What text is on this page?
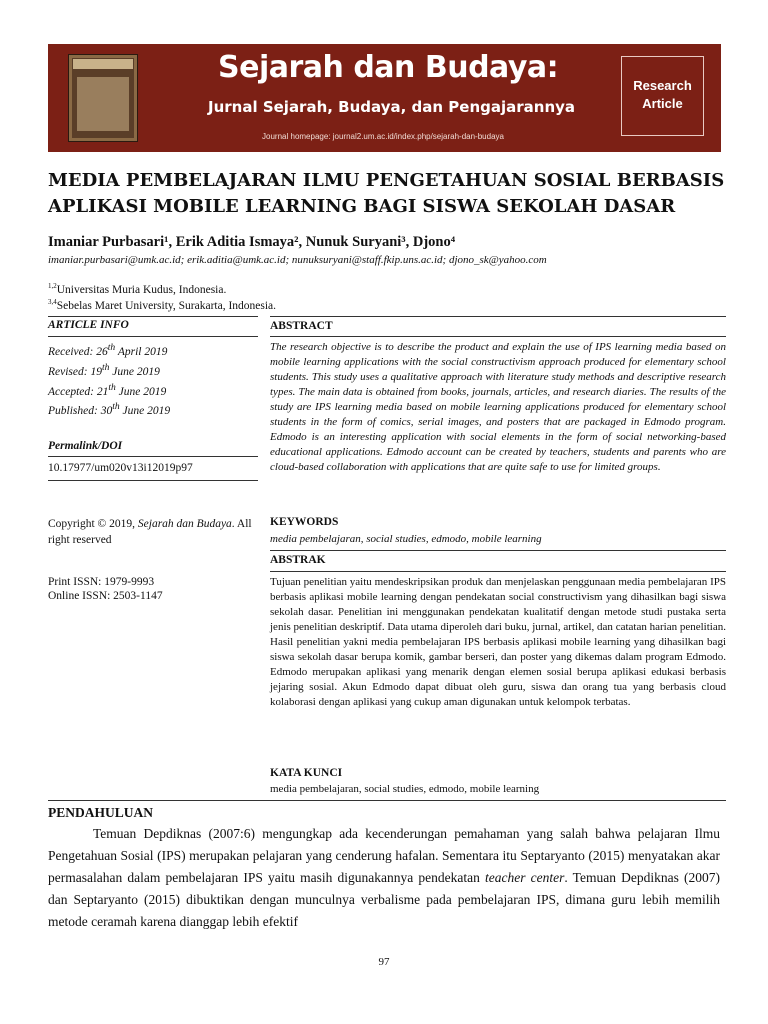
Sejarah dan Budaya:
Jurnal Sejarah, Budaya, dan Pengajarannya
Journal homepage: journal2.um.ac.id/index.php/sejarah-dan-budaya
Research
Article
MEDIA PEMBELAJARAN ILMU PENGETAHUAN SOSIAL BERBASIS APLIKASI MOBILE LEARNING BAGI SISWA SEKOLAH DASAR
Imaniar Purbasari¹, Erik Aditia Ismaya², Nunuk Suryani³, Djono⁴
imaniar.purbasari@umk.ac.id; erik.aditia@umk.ac.id; nunuksuryani@staff.fkip.uns.ac.id; djono_sk@yahoo.com
$^{1,2}$Universitas Muria Kudus, Indonesia.
$^{3,4}$Sebelas Maret University, Surakarta, Indonesia.
ARTICLE INFO	ABSTRACT
Received: 26th April 2019
Revised: 19th June 2019
Accepted: 21th June 2019
Published: 30th June 2019
Permalink/DOI
10.17977/um020v13i12019p97
Copyright © 2019, Sejarah dan Budaya. All right reserved
Print ISSN: 1979-9993
Online ISSN: 2503-1147

The research objective is to describe the product and explain the use of IPS learning media based on mobile learning applications with the social constructivism approach produced for elementary school students. This study uses a qualitative approach with literature study methods and descriptive research types. The main data is obtained from books, journals, articles, and research diaries. The results of the study are IPS learning media based on mobile learning applications produced for elementary school students in the form of comics, serial images, and posters that are packaged in Edmodo program. Edmodo is an interesting application with social elements in the form of social networking-based educational applications. Edmodo account can be created by teachers, students and parents who are cloud-based collaboration with applications that are quite safe to use for limited groups.

KEYWORDS
media pembelajaran, social studies, edmodo, mobile learning
ABSTRAK

Tujuan penelitian yaitu mendeskripsikan produk dan menjelaskan penggunaan media pembelajaran IPS berbasis aplikasi mobile learning dengan pendekatan social constructivism yang dihasilkan bagi siswa sekolah dasar. Penelitian ini menggunakan pendekatan kualitatif dengan metode studi pustaka serta jenis penelitian deskriptif. Data utama diperoleh dari buku, jurnal, artikel, dan catatan harian penelitian. Hasil penelitian yakni media pembelajaran IPS berbasis aplikasi mobile learning yang dihasilkan bagi siswa sekolah dasar berupa komik, gambar berseri, dan poster yang dikemas dalam program Edmodo. Edmodo merupakan aplikasi yang menarik dengan elemen sosial berupa aplikasi edukasi berbasis jejaring sosial. Akun Edmodo dapat dibuat oleh guru, siswa dan orang tua yang berbasis cloud kolaborasi dengan aplikasi yang cukup aman digunakan untuk kelompok terbatas.

KATA KUNCI
media pembelajaran, social studies, edmodo, mobile learning
PENDAHULUAN

Temuan Depdiknas (2007:6) mengungkap ada kecenderungan pemahaman yang salah bahwa pelajaran Ilmu Pengetahuan Sosial (IPS) merupakan pelajaran yang cenderung hafalan. Sementara itu Septaryanto (2015) menyatakan akar permasalahan dalam pembelajaran IPS yaitu masih digunakannya pendekatan teacher center. Temuan Depdiknas (2007) dan Septaryanto (2015) dibuktikan dengan munculnya verbalisme pada pembelajaran IPS, dimana guru lebih memilih metode ceramah karena dianggap lebih efektif

97
